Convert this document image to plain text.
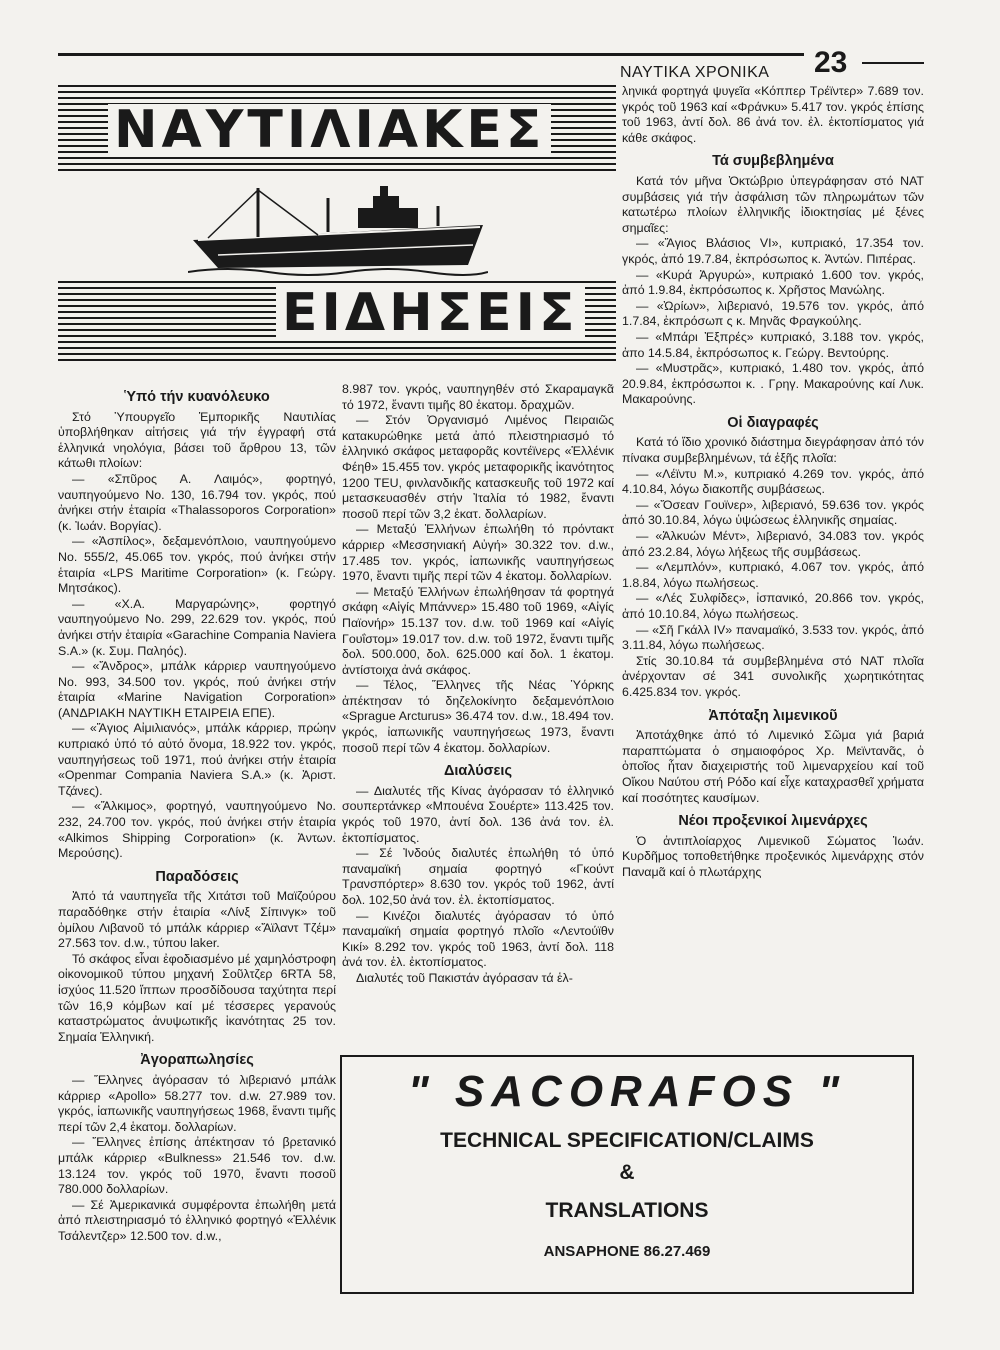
ΝΑΥΤΙΚΑ ΧΡΟΝΙΚΑ 23
ΝΑΥΤΙΛΙΑΚΕΣ
ΕΙΔΗΣΕΙΣ
Ὑπό τήν κυανόλευκο

Στό Ὑπουργεῖο Ἐμπορικῆς Ναυτιλίας ὑποβλήθηκαν αἰτήσεις γιά τήν ἐγγραφή στά ἑλληνικά νηολόγια, βάσει τοῦ ἄρθρου 13, τῶν κάτωθι πλοίων:

— «Σπῦρος Α. Λαιμός», φορτηγό, ναυπηγούμενο No. 130, 16.794 τον. γκρός, πού ἀνήκει στήν ἑταιρία «Thalassoporos Corporation» (κ. Ἰωάν. Βοργίας).

— «Ἀσπίλος», δεξαμενόπλοιο, ναυπηγούμενο No. 555/2, 45.065 τον. γκρός, πού ἀνήκει στήν ἑταιρία «LPS Maritime Corporation» (κ. Γεώργ. Μητσάκος).

— «Χ.Α. Μαργαρώνης», φορτηγό ναυπηγούμενο No. 299, 22.629 τον. γκρός, πού ἀνήκει στήν ἑταιρία «Garachine Compania Naviera S.A.» (κ. Συμ. Παληός).

— «Ἄνδρος», μπάλκ κάρριερ ναυπηγούμενο No. 993, 34.500 τον. γκρός, πού ἀνήκει στήν ἑταιρία «Marine Navigation Corporation» (ΑΝΔΡΙΑΚΗ ΝΑΥΤΙΚΗ ΕΤΑΙΡΕΙΑ ΕΠΕ).

— «Ἅγιος Αἰμιλιανός», μπάλκ κάρριερ, πρώην κυπριακό ὑπό τό αὐτό ὄνομα, 18.922 τον. γκρός, ναυπηγήσεως τοῦ 1971, πού ἀνήκει στήν ἑταιρία «Openmar Compania Naviera S.A.» (κ. Ἀριστ. Τζάνες).

— «Ἄλκιμος», φορτηγό, ναυπηγούμενο No. 232, 24.700 τον. γκρός, πού ἀνήκει στήν ἑταιρία «Alkimos Shipping Corporation» (κ. Ἀντων. Μερούσης).

Παραδόσεις

Ἀπό τά ναυπηγεῖα τῆς Χιτάτσι τοῦ Μαϊζούρου παραδόθηκε στήν ἑταιρία «Λίνξ Σίπινγκ» τοῦ ὁμίλου Λιβανοῦ τό μπάλκ κάρριερ «Ἄϊλαντ Τζέμ» 27.563 τον. d.w., τύπου laker.

Τό σκάφος εἶναι ἐφοδιασμένο μέ χαμηλόστροφη οἰκονομικοῦ τύπου μηχανή Σοῦλτζερ 6RTA 58, ἰσχύος 11.520 ἵππων προσδίδουσα ταχύτητα περί τῶν 16,9 κόμβων καί μέ τέσσερες γερανούς καταστρώματος ἀνυψωτικῆς ἱκανότητας 25 τον. Σημαία Ἑλληνική.

Ἀγοραπωλησίες

— Ἕλληνες ἀγόρασαν τό λιβεριανό μπάλκ κάρριερ «Apollo» 58.277 τον. d.w. 27.989 τον. γκρός, ἰαπωνικῆς ναυπηγήσεως 1968, ἔναντι τιμῆς περί τῶν 2,4 ἑκατομ. δολλαρίων.

— Ἕλληνες ἐπίσης ἀπέκτησαν τό βρετανικό μπάλκ κάρριερ «Bulkness» 21.546 τον. d.w. 13.124 τον. γκρός τοῦ 1970, ἔναντι ποσοῦ 780.000 δολλαρίων.

— Σέ Ἀμερικανικά συμφέροντα ἐπωλήθη μετά ἀπό πλειστηριασμό τό ἑλληνικό φορτηγό «Ἑλλένικ Τσάλεντζερ» 12.500 τον. d.w.,

8.987 τον. γκρός, ναυπηγηθέν στό Σκαραμαγκᾶ τό 1972, ἔναντι τιμῆς 80 ἑκατομ. δραχμῶν.

— Στόν Ὀργανισμό Λιμένος Πειραιῶς κατακυρώθηκε μετά ἀπό πλειστηριασμό τό ἑλληνικό σκάφος μεταφορᾶς κοντέϊνερς «Ἑλλένικ Φέηθ» 15.455 τον. γκρός μεταφορικῆς ἱκανότητος 1200 TEU, φινλανδικῆς κατασκευῆς τοῦ 1972 καί μετασκευασθέν στήν Ἰταλία τό 1982, ἔναντι ποσοῦ περί τῶν 3,2 ἑκατ. δολλαρίων.

— Μεταξύ Ἑλλήνων ἐπωλήθη τό πρόντακτ κάρριερ «Μεσσηνιακή Αὐγή» 30.322 τον. d.w., 17.485 τον. γκρός, ἰαπωνικῆς ναυπηγήσεως 1970, ἔναντι τιμῆς περί τῶν 4 ἑκατομ. δολλαρίων.

— Μεταξύ Ἑλλήνων ἐπωλήθησαν τά φορτηγά σκάφη «Αἰγίς Μπάννερ» 15.480 τοῦ 1969, «Αἰγίς Παϊονήρ» 15.137 τον. d.w. τοῦ 1969 καί «Αἰγίς Γουΐστομ» 19.017 τον. d.w. τοῦ 1972, ἔναντι τιμῆς δολ. 500.000, δολ. 625.000 καί δολ. 1 ἑκατομ. ἀντίστοιχα ἀνά σκάφος.

— Τέλος, Ἕλληνες τῆς Νέας Ὑόρκης ἀπέκτησαν τό δηζελοκίνητο δεξαμενόπλοιο «Sprague Arcturus» 36.474 τον. d.w., 18.494 τον. γκρός, ἰαπωνικῆς ναυπηγήσεως 1973, ἔναντι ποσοῦ περί τῶν 4 ἑκατομ. δολλαρίων.

Διαλύσεις

— Διαλυτές τῆς Κίνας ἀγόρασαν τό ἑλληνικό σουπερτάνκερ «Μπουένα Σουέρτε» 113.425 τον. γκρός τοῦ 1970, ἀντί δολ. 136 ἀνά τον. ἐλ. ἐκτοπίσματος.

— Σέ Ἰνδούς διαλυτές ἐπωλήθη τό ὑπό παναμαϊκή σημαία φορτηγό «Γκούντ Τρανσπόρτερ» 8.630 τον. γκρός τοῦ 1962, ἀντί δολ. 102,50 ἀνά τον. ἐλ. ἐκτοπίσματος.

— Κινέζοι διαλυτές ἀγόρασαν τό ὑπό παναμαϊκή σημαία φορτηγό πλοῖο «Λεντούϊθν Κικί» 8.292 τον. γκρός τοῦ 1963, ἀντί δολ. 118 ἀνά τον. ἐλ. ἐκτοπίσματος.

Διαλυτές τοῦ Πακιστάν ἀγόρασαν τά ἑλ-

ληνικά φορτηγά ψυγεῖα «Κόππερ Τρέϊντερ» 7.689 τον. γκρός τοῦ 1963 καί «Φράνκυ» 5.417 τον. γκρός ἐπίσης τοῦ 1963, ἀντί δολ. 86 ἀνά τον. ἐλ. ἐκτοπίσματος γιά κάθε σκάφος.

Τά συμβεβλημένα

Κατά τόν μῆνα Ὀκτώβριο ὑπεγράφησαν στό ΝΑΤ συμβάσεις γιά τήν ἀσφάλιση τῶν πληρωμάτων τῶν κατωτέρω πλοίων ἑλληνικῆς ἰδιοκτησίας μέ ξένες σημαῖες:

— «Ἅγιος Βλάσιος VI», κυπριακό, 17.354 τον. γκρός, ἀπό 19.7.84, ἐκπρόσωπος κ. Ἀντών. Πιπέρας.

— «Κυρά Ἀργυρώ», κυπριακό 1.600 τον. γκρός, ἀπό 1.9.84, ἐκπρόσωπος κ. Χρῆστος Μανώλης.

— «Ὠρίων», λιβεριανό, 19.576 τον. γκρός, ἀπό 1.7.84, ἐκπρόσωπ ς κ. Μηνᾶς Φραγκούλης.

— «Μπάρι Ἐξπρές» κυπριακό, 3.188 τον. γκρός, ἀπο 14.5.84, ἐκπρόσωπος κ. Γεώργ. Βεντούρης.

— «Μυστρᾶς», κυπριακό, 1.480 τον. γκρός, ἀπό 20.9.84, ἐκπρόσωποι κ. . Γρηγ. Μακαρούνης καί Λυκ. Μακαρούνης.

Οἱ διαγραφές

Κατά τό ἴδιο χρονικό διάστημα διεγράφησαν ἀπό τόν πίνακα συμβεβλημένων, τά ἑξῆς πλοῖα:

— «Λέϊντυ Μ.», κυπριακό 4.269 τον. γκρός, ἀπό 4.10.84, λόγω διακοπῆς συμβάσεως.

— «Ὄσεαν Γουϊνερ», λιβεριανό, 59.636 τον. γκρός ἀπό 30.10.84, λόγω ὑψώσεως ἑλληνικῆς σημαίας.

— «Ἀλκυών Μέντ», λιβεριανό, 34.083 τον. γκρός ἀπό 23.2.84, λόγω λήξεως τῆς συμβάσεως.

— «Λεμπλόν», κυπριακό, 4.067 τον. γκρός, ἀπό 1.8.84, λόγω πωλήσεως.

— «Λές Συλφίδες», ἰσπανικό, 20.866 τον. γκρός, ἀπό 10.10.84, λόγω πωλήσεως.

— «Σῆ Γκάλλ IV» παναμαϊκό, 3.533 τον. γκρός, ἀπό 3.11.84, λόγω πωλήσεως.

Στίς 30.10.84 τά συμβεβλημένα στό ΝΑΤ πλοῖα ἀνέρχονταν σέ 341 συνολικῆς χωρητικότητας 6.425.834 τον. γκρός.

Ἀπόταξη λιμενικοῦ

Ἀποτάχθηκε ἀπό τό Λιμενικό Σῶμα γιά βαριά παραπτώματα ὁ σημαιοφόρος Χρ. Μεϊντανᾶς, ὁ ὁποῖος ἦταν διαχειριστής τοῦ λιμεναρχείου καί τοῦ Οἴκου Ναύτου στή Ρόδο καί εἶχε καταχρασθεῖ χρήματα καί ποσότητες καυσίμων.

Νέοι προξενικοί λιμενάρχες

Ὁ ἀντιπλοίαρχος Λιμενικοῦ Σώματος Ἰωάν. Κυρδῆμος τοποθετήθηκε προξενικός λιμενάρχης στόν Παναμᾶ καί ὁ πλωτάρχης

" SACORAFOS "
TECHNICAL SPECIFICATION/CLAIMS
&
TRANSLATIONS
ANSAPHONE 86.27.469
